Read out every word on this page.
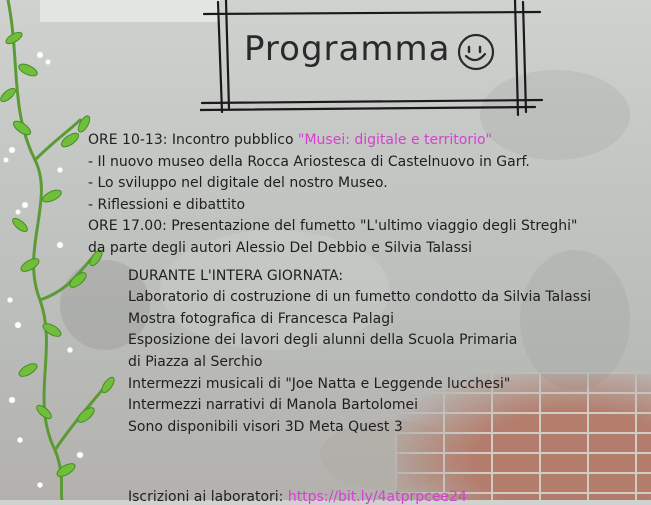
Programma
ORE 10-13: Incontro pubblico "Musei: digitale e territorio"
- Il nuovo museo della Rocca Ariostesca di Castelnuovo in Garf.
- Lo sviluppo nel digitale del nostro Museo.
- Riflessioni e dibattito
ORE 17.00: Presentazione del fumetto "L'ultimo viaggio degli Streghi"
da parte degli autori Alessio Del Debbio e Silvia Talassi
DURANTE L'INTERA GIORNATA:
Laboratorio di costruzione di un fumetto condotto da Silvia Talassi
Mostra fotografica di Francesca Palagi
Esposizione dei lavori degli alunni della Scuola Primaria
di Piazza al Serchio
Intermezzi musicali di "Joe Natta e Leggende lucchesi"
Intermezzi narrativi di Manola Bartolomei
Sono disponibili visori 3D Meta Quest 3
Iscrizioni ai laboratori: https://bit.ly/4atprpcee24
